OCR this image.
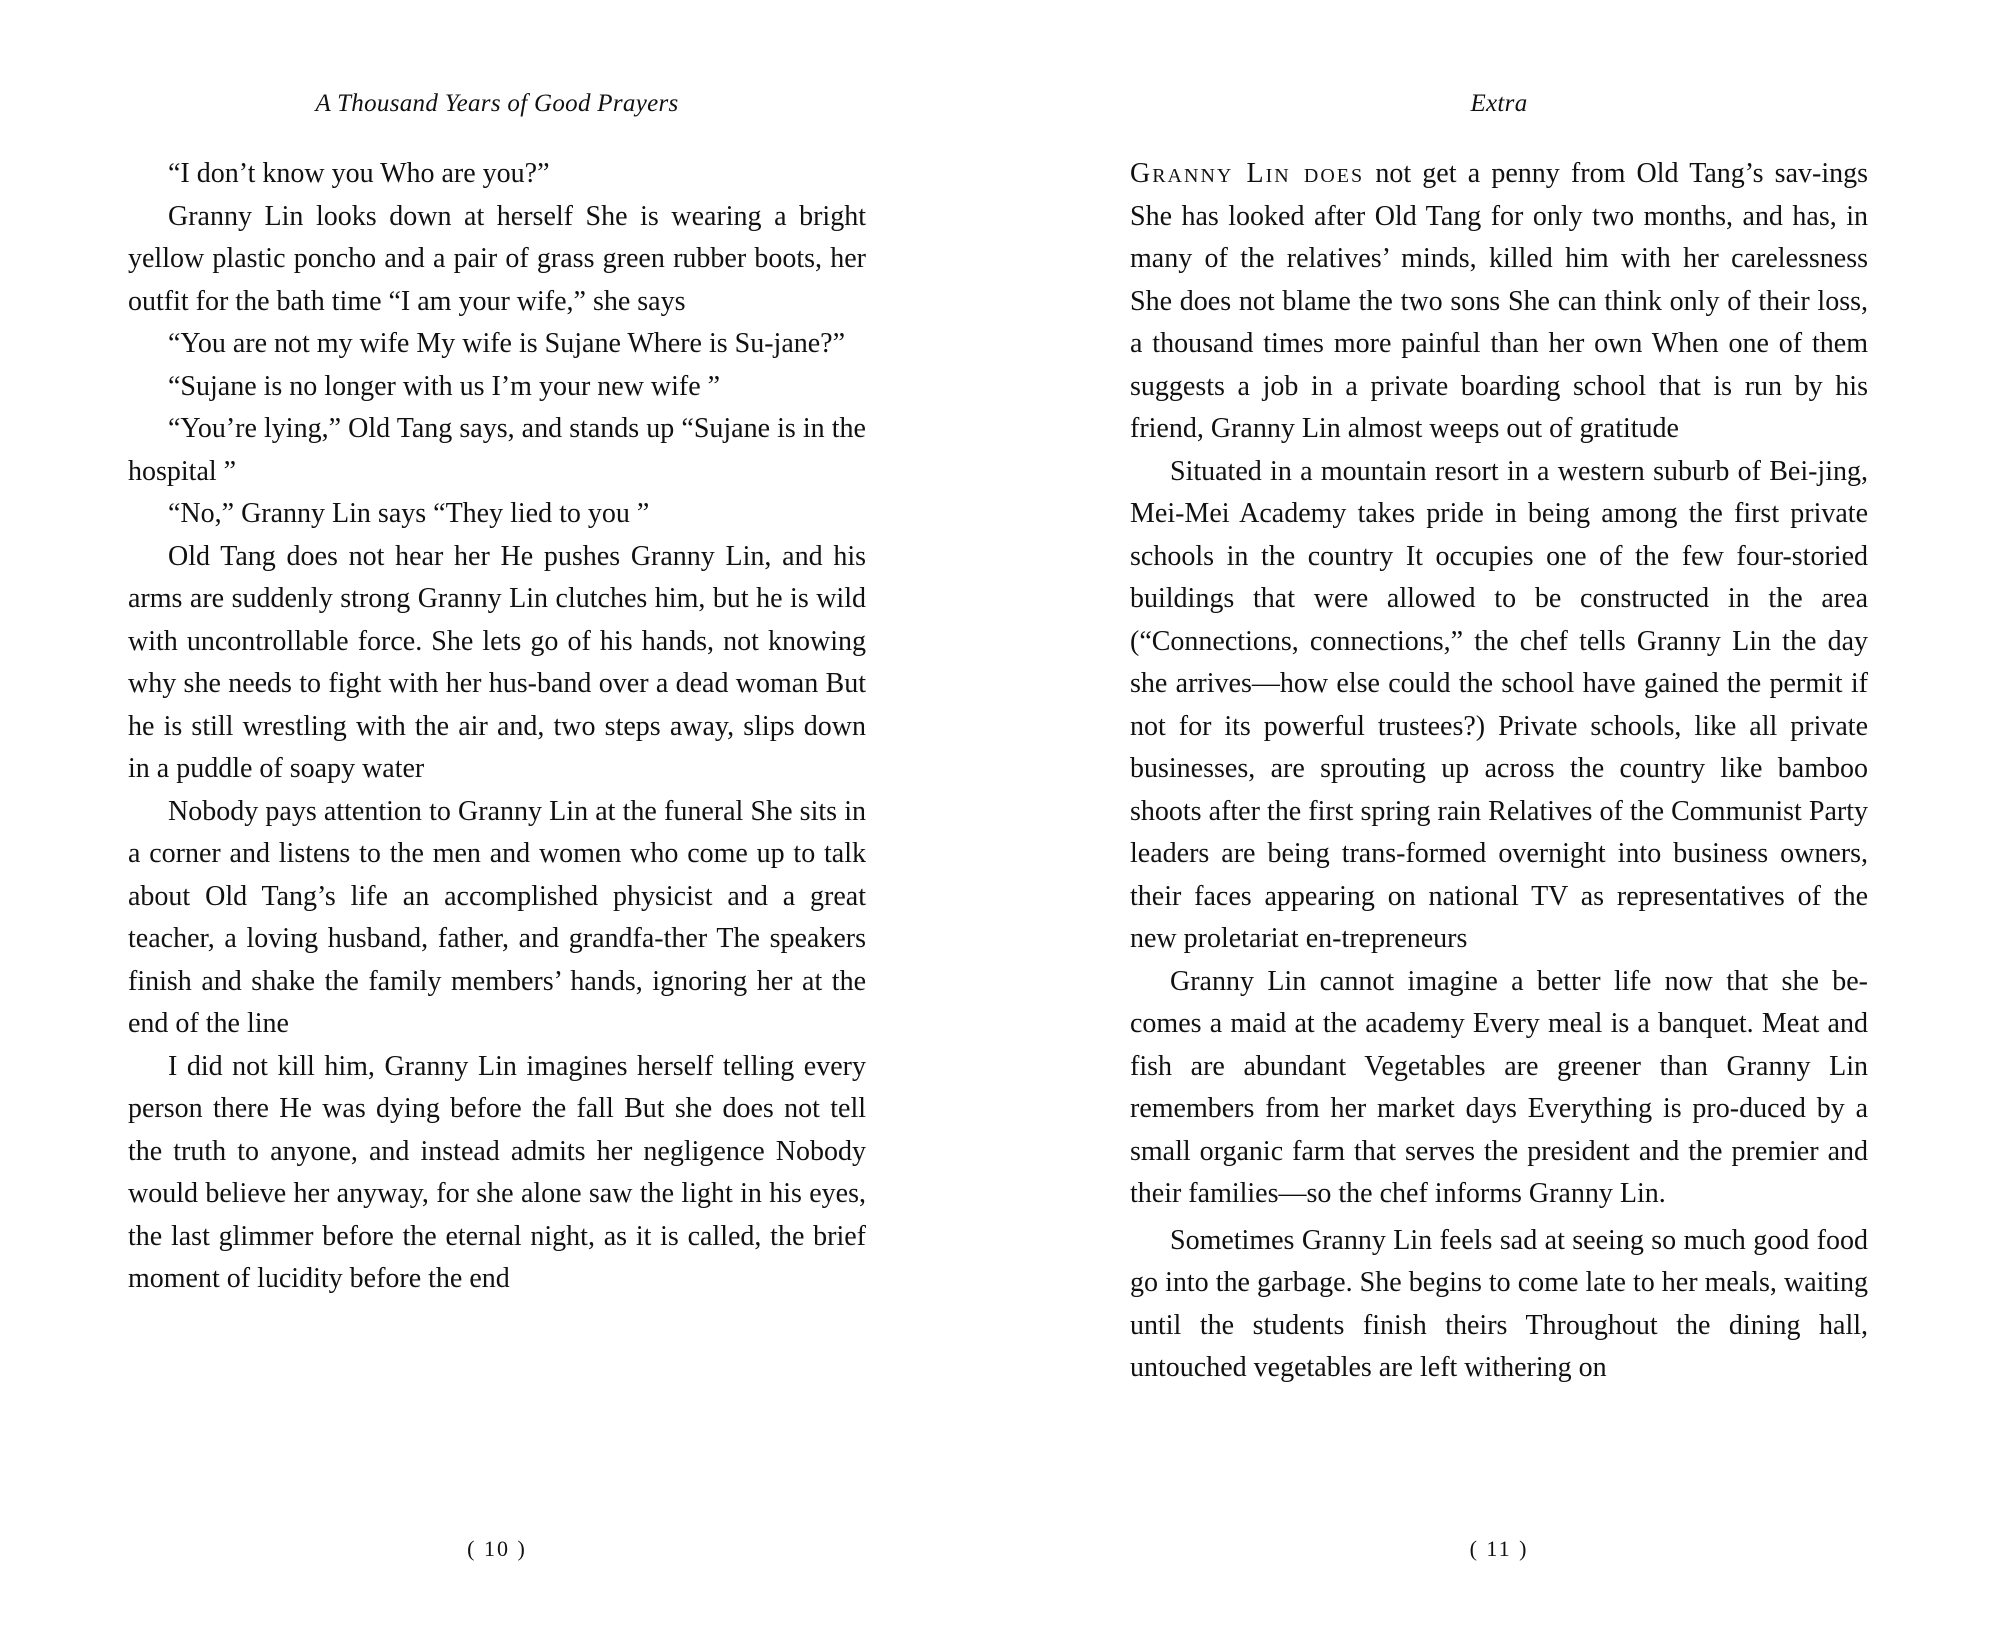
A Thousand Years of Good Prayers

“I don’t know you Who are you?”

Granny Lin looks down at herself She is wearing a bright yellow plastic poncho and a pair of grass green rubber boots, her outfit for the bath time “I am your wife,” she says

“You are not my wife My wife is Sujane Where is Su-jane?”

“Sujane is no longer with us I’m your new wife ”

“You’re lying,” Old Tang says, and stands up “Sujane is in the hospital ”

“No,” Granny Lin says “They lied to you ”

Old Tang does not hear her He pushes Granny Lin, and his arms are suddenly strong Granny Lin clutches him, but he is wild with uncontrollable force. She lets go of his hands, not knowing why she needs to fight with her hus-band over a dead woman But he is still wrestling with the air and, two steps away, slips down in a puddle of soapy water

Nobody pays attention to Granny Lin at the funeral She sits in a corner and listens to the men and women who come up to talk about Old Tang’s life an accomplished physicist and a great teacher, a loving husband, father, and grandfa-ther The speakers finish and shake the family members’ hands, ignoring her at the end of the line

I did not kill him, Granny Lin imagines herself telling every person there He was dying before the fall But she does not tell the truth to anyone, and instead admits her negligence Nobody would believe her anyway, for she alone saw the light in his eyes, the last glimmer before the eternal night, as it is called, the brief moment of lucidity before the end

( 10 )
Extra

Granny Lin does not get a penny from Old Tang’s sav-ings She has looked after Old Tang for only two months, and has, in many of the relatives’ minds, killed him with her carelessness She does not blame the two sons She can think only of their loss, a thousand times more painful than her own When one of them suggests a job in a private boarding school that is run by his friend, Granny Lin almost weeps out of gratitude

Situated in a mountain resort in a western suburb of Bei-jing, Mei-Mei Academy takes pride in being among the first private schools in the country It occupies one of the few four-storied buildings that were allowed to be constructed in the area (“Connections, connections,” the chef tells Granny Lin the day she arrives—how else could the school have gained the permit if not for its powerful trustees?) Private schools, like all private businesses, are sprouting up across the country like bamboo shoots after the first spring rain Relatives of the Communist Party leaders are being trans-formed overnight into business owners, their faces appearing on national TV as representatives of the new proletariat en-trepreneurs

Granny Lin cannot imagine a better life now that she be-comes a maid at the academy Every meal is a banquet. Meat and fish are abundant Vegetables are greener than Granny Lin remembers from her market days Everything is pro-duced by a small organic farm that serves the president and the premier and their families—so the chef informs Granny Lin.

Sometimes Granny Lin feels sad at seeing so much good food go into the garbage. She begins to come late to her meals, waiting until the students finish theirs Throughout the dining hall, untouched vegetables are left withering on

( 11 )
